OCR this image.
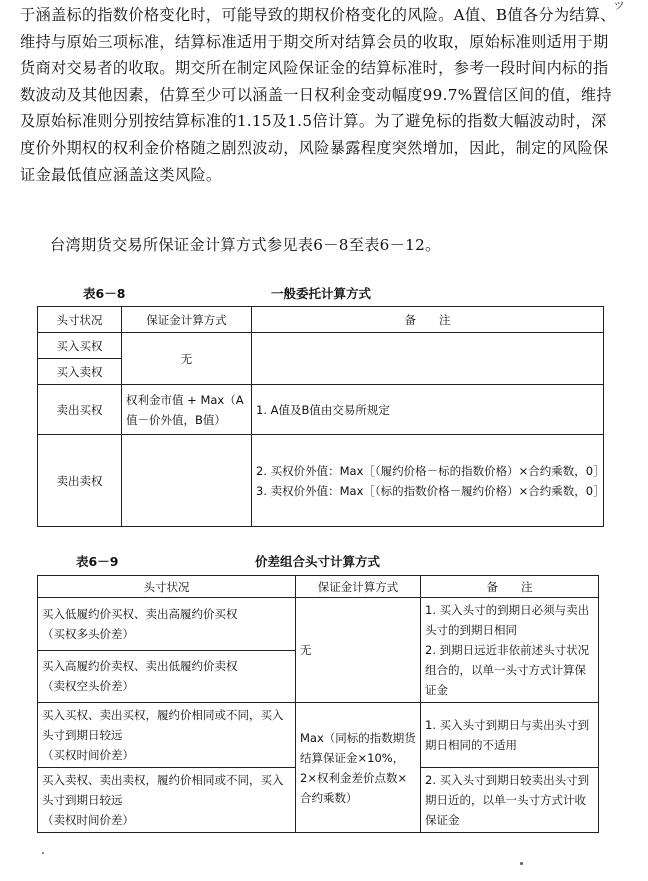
ッ

于涵盖标的指数价格变化时，可能导致的期权价格变化的风险。A值、B值各分为结算、维持与原始三项标准，结算标准适用于期交所对结算会员的收取，原始标准则适用于期货商对交易者的收取。期交所在制定风险保证金的结算标准时，参考一段时间内标的指数波动及其他因素，估算至少可以涵盖一日权利金变动幅度99.7%置信区间的值，维持及原始标准则分别按结算标准的1.15及1.5倍计算。为了避免标的指数大幅波动时，深度价外期权的权利金价格随之剧烈波动，风险暴露程度突然增加，因此，制定的风险保证金最低值应涵盖这类风险。

台湾期货交易所保证金计算方式参见表6－8至表6－12。

表6－8	一般委托计算方式

头寸状况	保证金计算方式	备　　注
买入买权	无	
买入卖权		
卖出买权	权利金市值 + Max（A值－价外值，B值）	1. A值及B值由交易所规定
卖出卖权		2. 买权价外值：Max［（履约价格－标的指数价格）×合约乘数，0］
3. 卖权价外值：Max［（标的指数价格－履约价格）×合约乘数，0］

表6－9	价差组合头寸计算方式

头寸状况	保证金计算方式	备　　注

买入低履约价买权、卖出高履约价买权
（买权多头价差）	无	1. 买入头寸的到期日必须与卖出头寸的到期日相同
2. 到期日远近非依前述头寸状况组合的，以单一头寸方式计算保证金

买入高履约价卖权、卖出低履约价卖权
（卖权空头价差）		

买入买权、卖出买权，履约价相同或不同，买入头寸到期日较远
（买权时间价差）	Max（同标的指数期货结算保证金×10%，2×权利金差价点数×合约乘数）	1. 买入头寸到期日与卖出头寸到期日相同的不适用

买入卖权、卖出卖权，履约价相同或不同，买入头寸到期日较远
（卖权时间价差）		2. 买入头寸到期日较卖出头寸到期日近的，以单一头寸方式计收保证金
